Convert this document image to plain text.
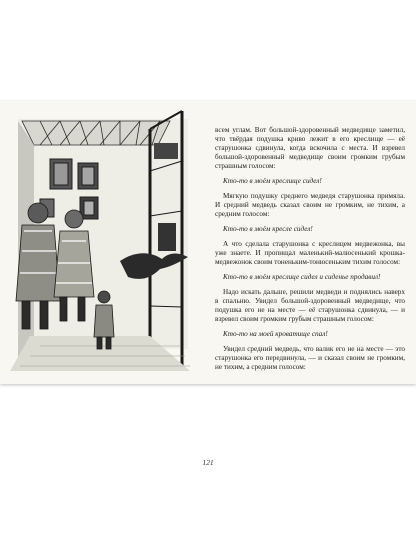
всем углам. Вот большой-здоровенный медведище заметил, что твёрдая подушка криво лежит в его креслище — её старушонка сдвинула, когда вскочила с места. И взревел большой-здоровенный медведище своим громким грубым страшным голосом:

Кто-то в моём креслище сидел!

Мягкую подушку среднего медведя старушонка примяла. И средний медведь сказал своим не громким, не тихим, а средним голосом:

Кто-то в моём кресле сидел!

А что сделала старушонка с креслицем медвежонка, вы уже знаете. И пропищал маленький-малюсенький крошка-медвежонок своим тоненьким-тонюсеньким тихим голосом:

Кто-то в моём креслице сидел и сиденье продавил!

Надо искать дальше, решили медведи и поднялись наверх в спальню. Увидел большой-здоровенный медведище, что подушка его не на месте — её старушонка сдвинула, — и взревел своим громким грубым страшным голосом:

Кто-то на моей кроватище спал!

Увидел средний медведь, что валик его не на месте — это старушонка его передвинула, — и сказал своим не громким, не тихим, а средним голосом:

121
